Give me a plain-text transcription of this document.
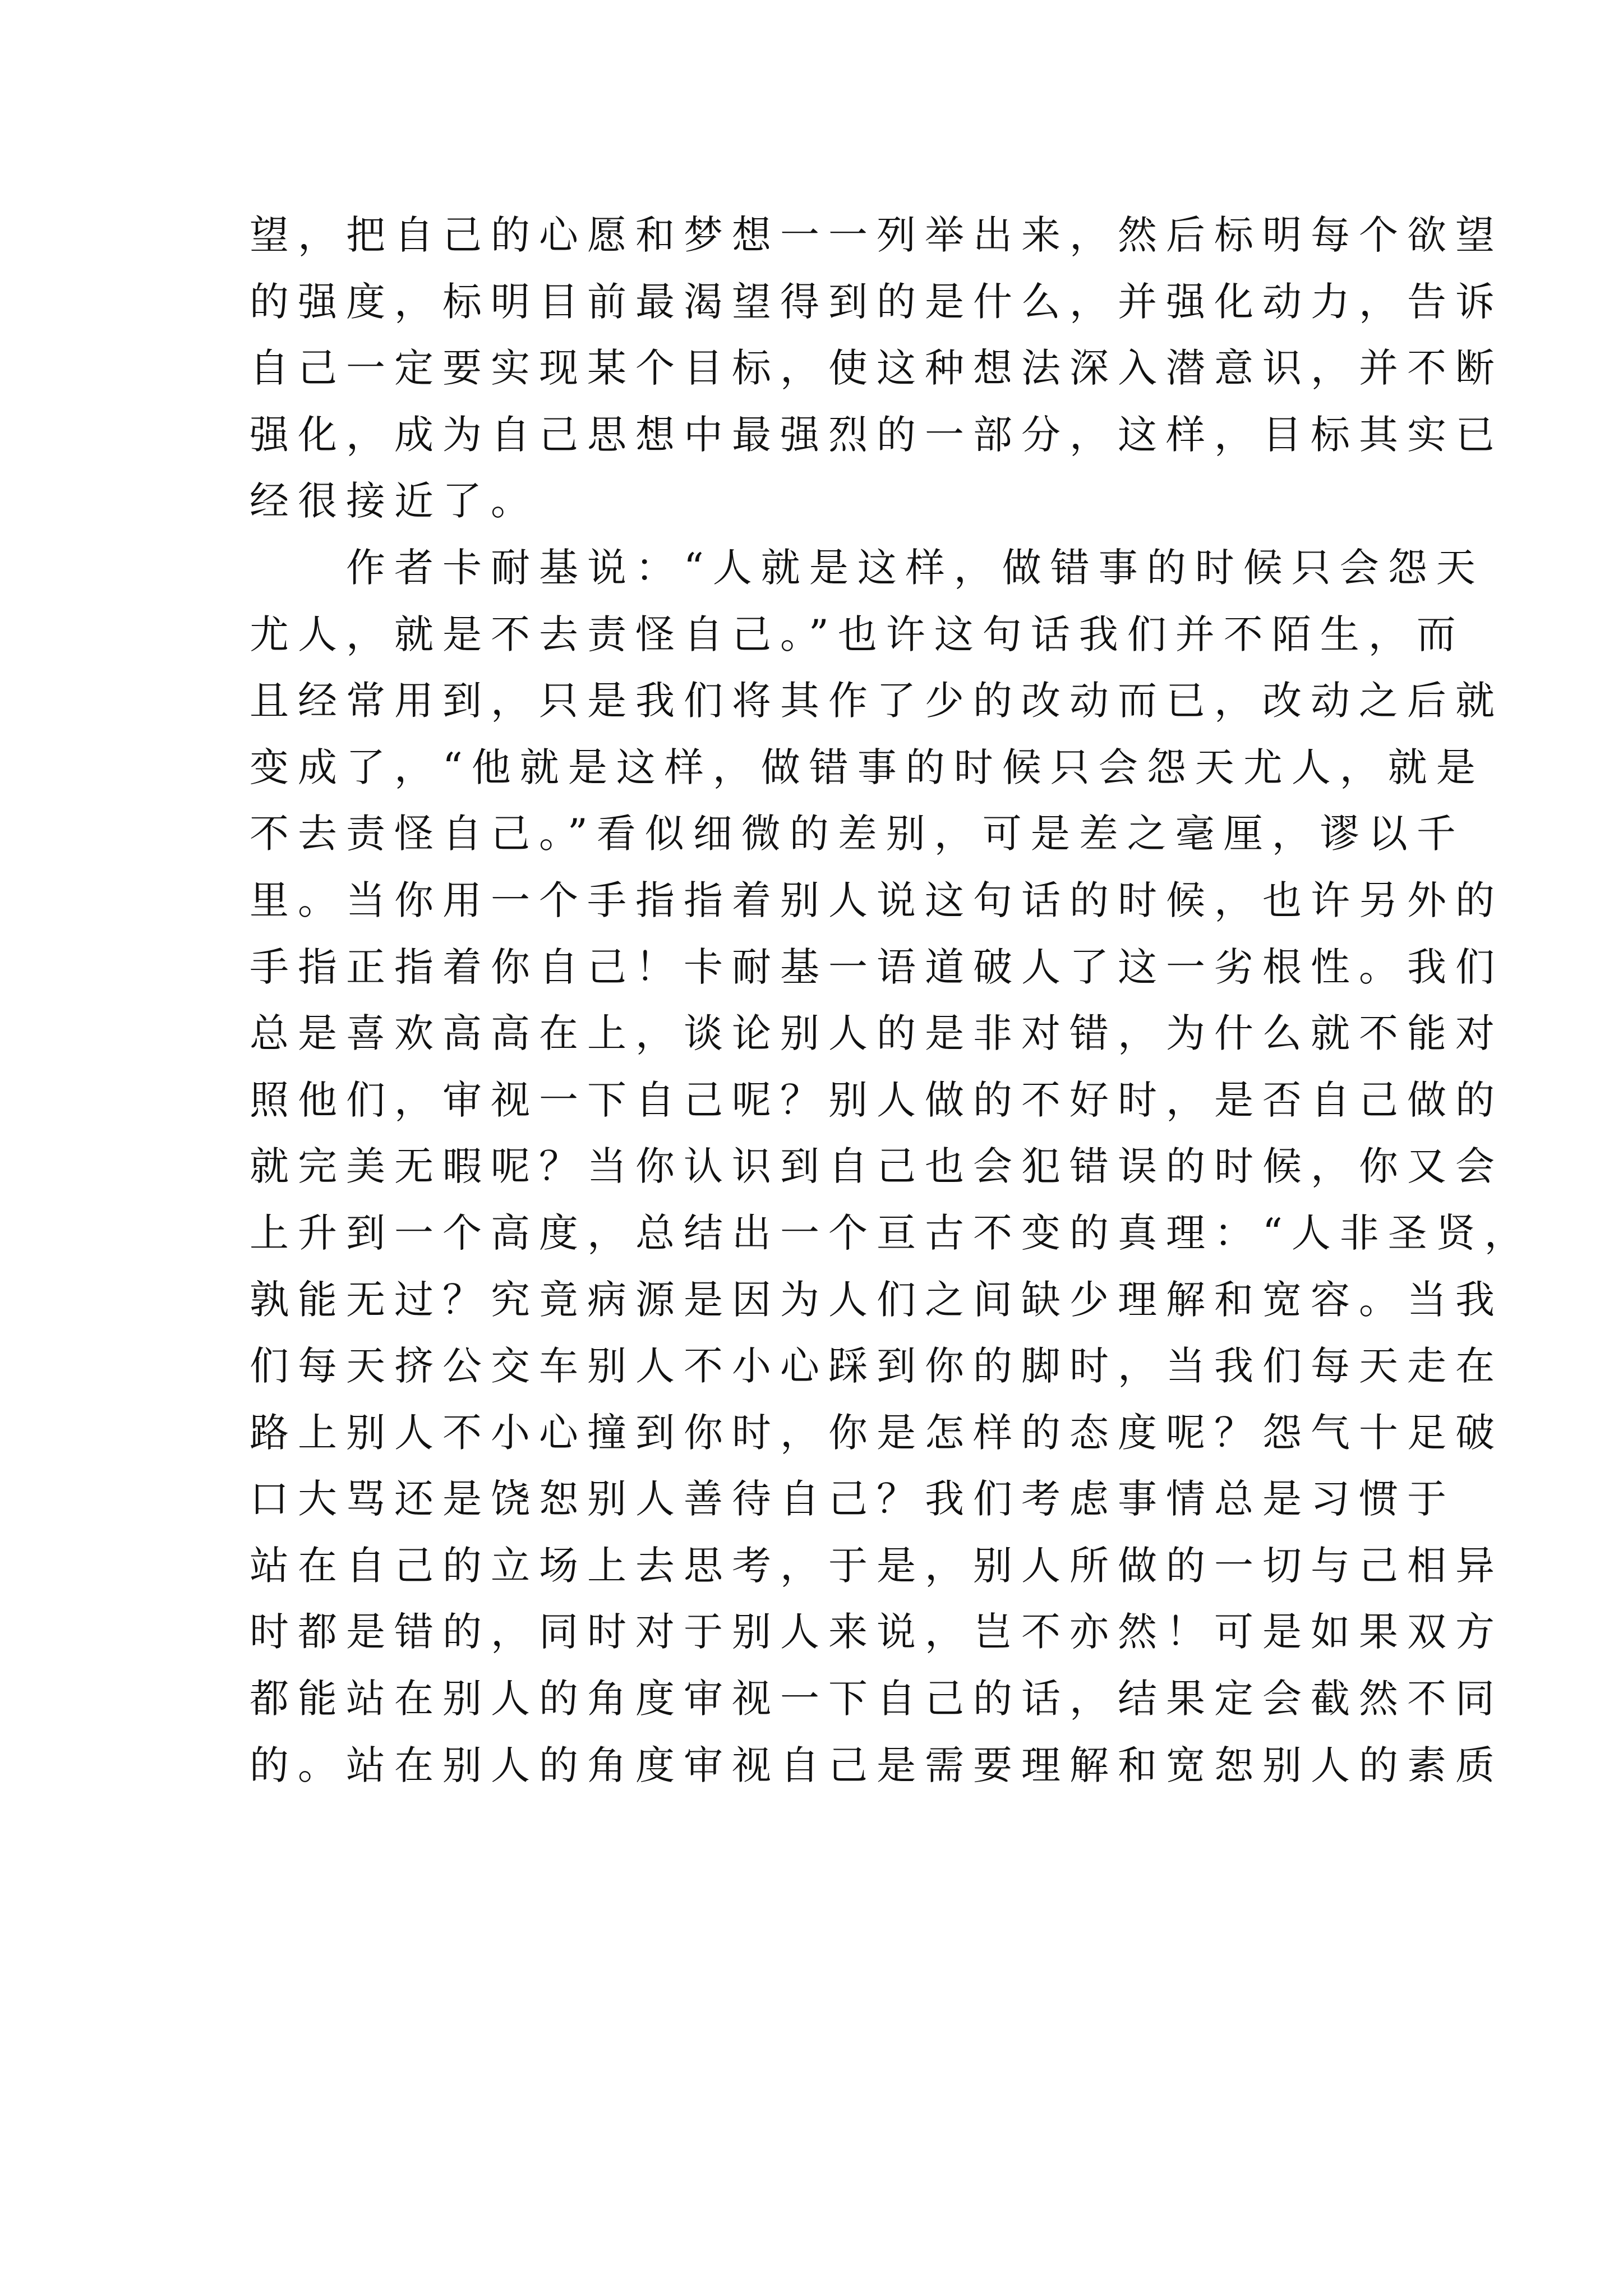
望，把自己的心愿和梦想一一列举出来，然后标明每个欲望
的强度，标明目前最渴望得到的是什么，并强化动力，告诉
自己一定要实现某个目标，使这种想法深入潜意识，并不断
强化，成为自己思想中最强烈的一部分，这样，目标其实已
经很接近了。
　　作者卡耐基说：“人就是这样，做错事的时候只会怨天
尤人，就是不去责怪自己。”也许这句话我们并不陌生，而
且经常用到，只是我们将其作了少的改动而已，改动之后就
变成了，“他就是这样，做错事的时候只会怨天尤人，就是
不去责怪自己。”看似细微的差别，可是差之毫厘，谬以千
里。当你用一个手指指着别人说这句话的时候，也许另外的
手指正指着你自己！卡耐基一语道破人了这一劣根性。我们
总是喜欢高高在上，谈论别人的是非对错，为什么就不能对
照他们，审视一下自己呢？别人做的不好时，是否自己做的
就完美无暇呢？当你认识到自己也会犯错误的时候，你又会
上升到一个高度，总结出一个亘古不变的真理：“人非圣贤，
孰能无过？究竟病源是因为人们之间缺少理解和宽容。当我
们每天挤公交车别人不小心踩到你的脚时，当我们每天走在
路上别人不小心撞到你时，你是怎样的态度呢？怨气十足破
口大骂还是饶恕别人善待自己？我们考虑事情总是习惯于
站在自己的立场上去思考，于是，别人所做的一切与己相异
时都是错的，同时对于别人来说，岂不亦然！可是如果双方
都能站在别人的角度审视一下自己的话，结果定会截然不同
的。站在别人的角度审视自己是需要理解和宽恕别人的素质
